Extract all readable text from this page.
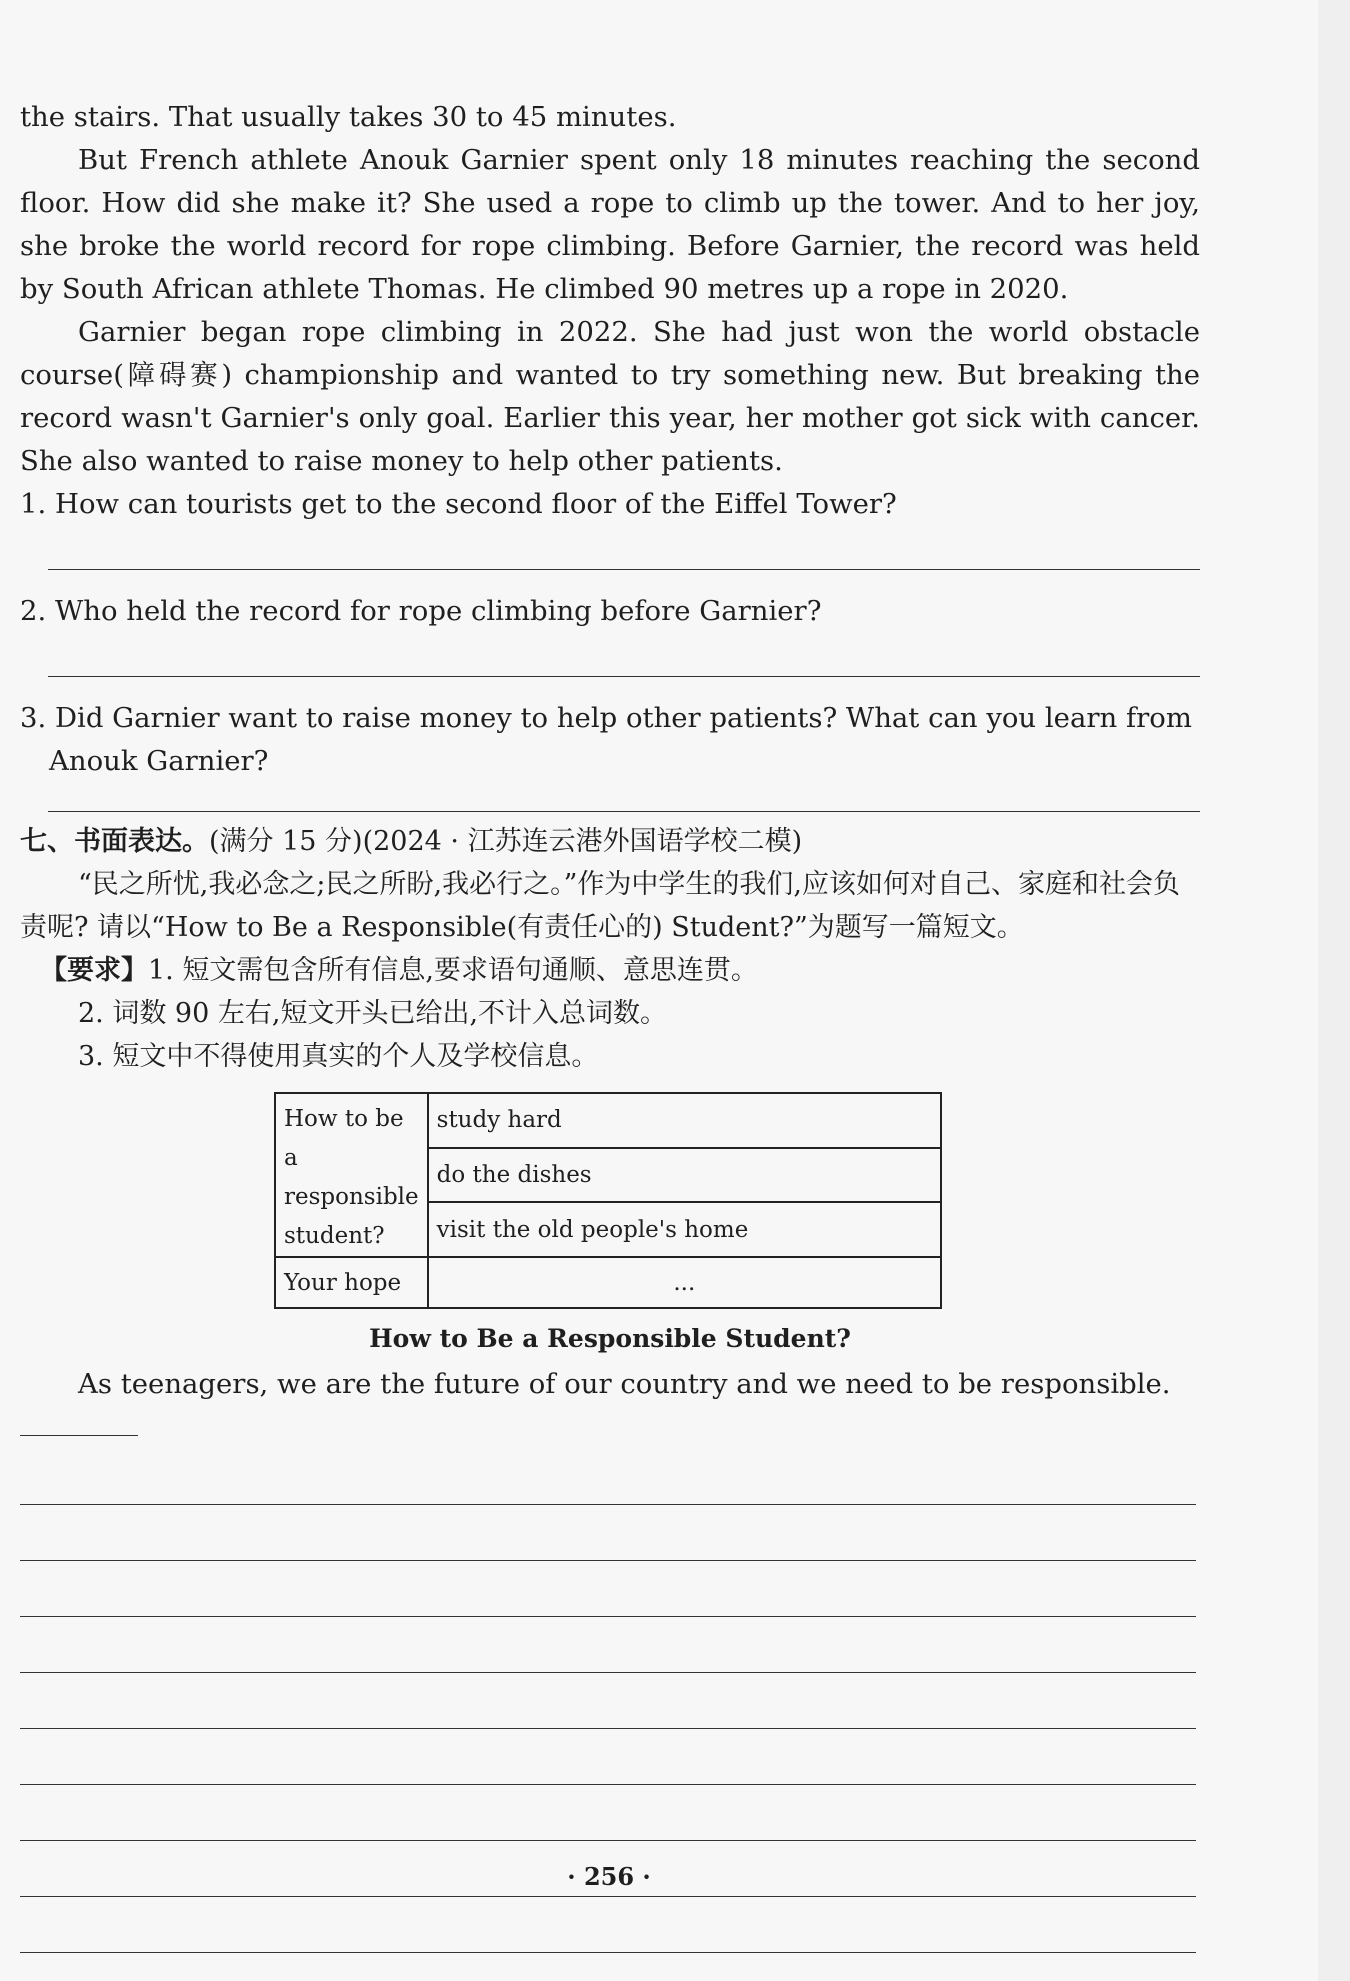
the stairs. That usually takes 30 to 45 minutes.

But French athlete Anouk Garnier spent only 18 minutes reaching the second floor. How did she make it? She used a rope to climb up the tower. And to her joy, she broke the world record for rope climbing. Before Garnier, the record was held by South African athlete Thomas. He climbed 90 metres up a rope in 2020.

Garnier began rope climbing in 2022. She had just won the world obstacle course(障碍赛) championship and wanted to try something new. But breaking the record wasn't Garnier's only goal. Earlier this year, her mother got sick with cancer. She also wanted to raise money to help other patients.

1. How can tourists get to the second floor of the Eiffel Tower?

2. Who held the record for rope climbing before Garnier?

3. Did Garnier want to raise money to help other patients? What can you learn from Anouk Garnier?

七、书面表达。(满分 15 分)(2024 · 江苏连云港外国语学校二模)

“民之所忧,我必念之;民之所盼,我必行之。”作为中学生的我们,应该如何对自己、家庭和社会负责呢? 请以“How to Be a Responsible(有责任心的) Student?”为题写一篇短文。

【要求】1. 短文需包含所有信息,要求语句通顺、意思连贯。

2. 词数 90 左右,短文开头已给出,不计入总词数。

3. 短文中不得使用真实的个人及学校信息。

How to be a responsible student?	study hard
	do the dishes
	visit the old people's home
Your hope	...
How to Be a Responsible Student?

As teenagers, we are the future of our country and we need to be responsible.

· 256 ·
